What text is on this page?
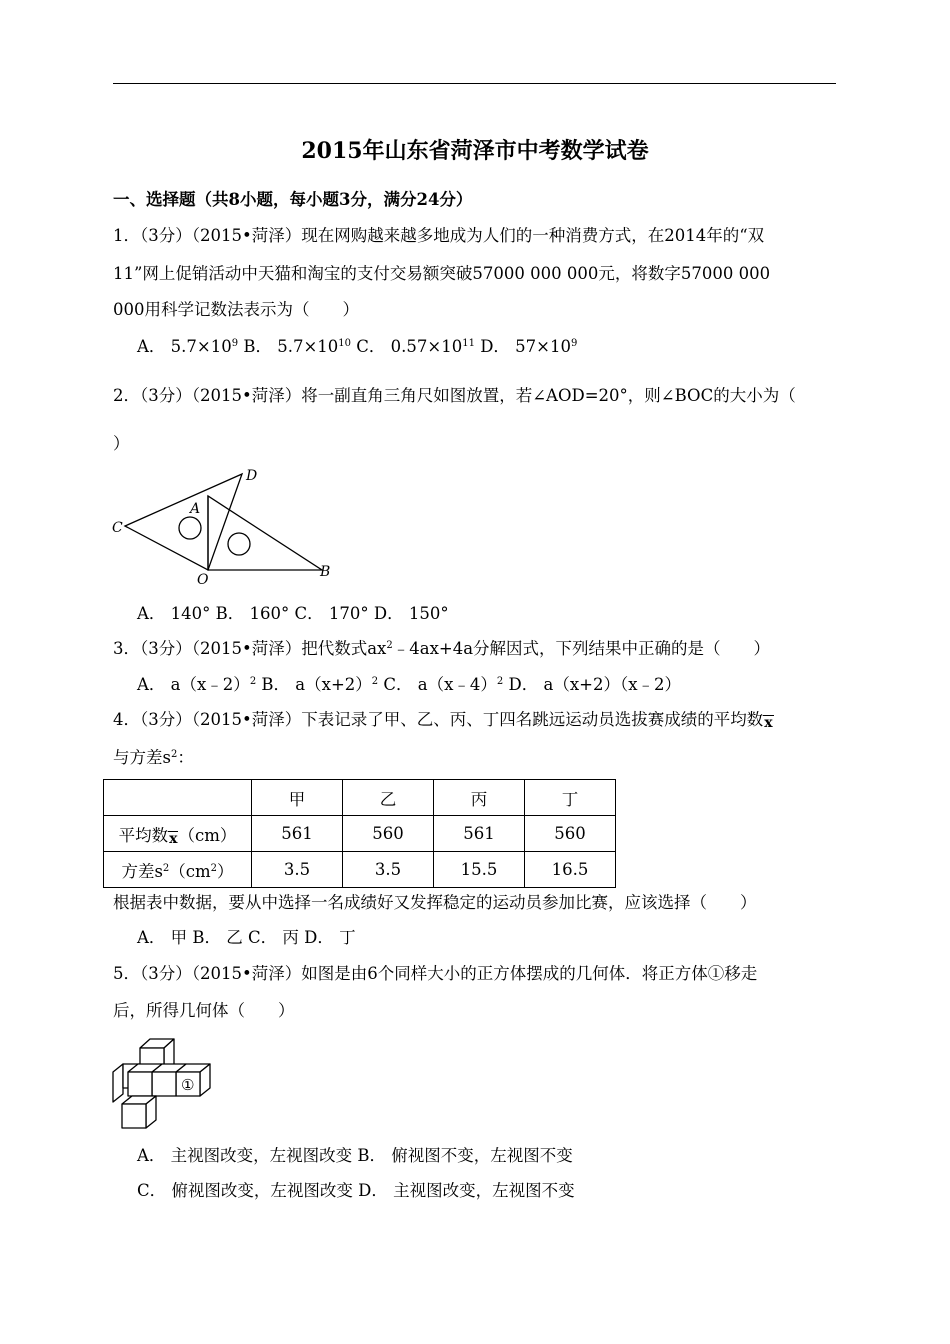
2015年山东省菏泽市中考数学试卷
一、选择题（共8小题，每小题3分，满分24分）
1．（3分）（2015•菏泽）现在网购越来越多地成为人们的一种消费方式，在2014年的“双
11”网上促销活动中天猫和淘宝的支付交易额突破57000 000 000元，将数字57000 000
000用科学记数法表示为（　　）
A． $5.7\times 10^9$ B． $5.7\times 10^{10}$ C． $0.57\times 10^{11}$ D． $57\times 10^9$
2．（3分）（2015•菏泽）将一副直角三角尺如图放置，若∠AOD=20°，则∠BOC的大小为（
）
D
A
C
O	B
A． 140° B． 160° C． 170° D． 150°
3．（3分）（2015•菏泽）把代数式$ax^2﹣4ax+4a$分解因式，下列结果中正确的是（　　）
A． a（x﹣2）$^2$ B． $a(x+2)^2$ C． a（x﹣4）$^2$ D． a（x+2）（x﹣2）
4．（3分）（2015•菏泽）下表记录了甲、乙、丙、丁四名跳远运动员选拔赛成绩的平均数x
与方差$s^2$：
	甲	乙	丙	丁
平均数x（cm）	561	560	561	560
方差$s^2(cm^2)$	3.5	3.5	15.5	16.5
根据表中数据，要从中选择一名成绩好又发挥稳定的运动员参加比赛，应该选择（　　）
A． 甲 B． 乙 C． 丙 D． 丁
5．（3分）（2015•菏泽）如图是由6个同样大小的正方体摆成的几何体．将正方体①移走
后，所得几何体（　　）
①
A． 主视图改变，左视图改变 B． 俯视图不变，左视图不变
C． 俯视图改变，左视图改变 D． 主视图改变，左视图不变
